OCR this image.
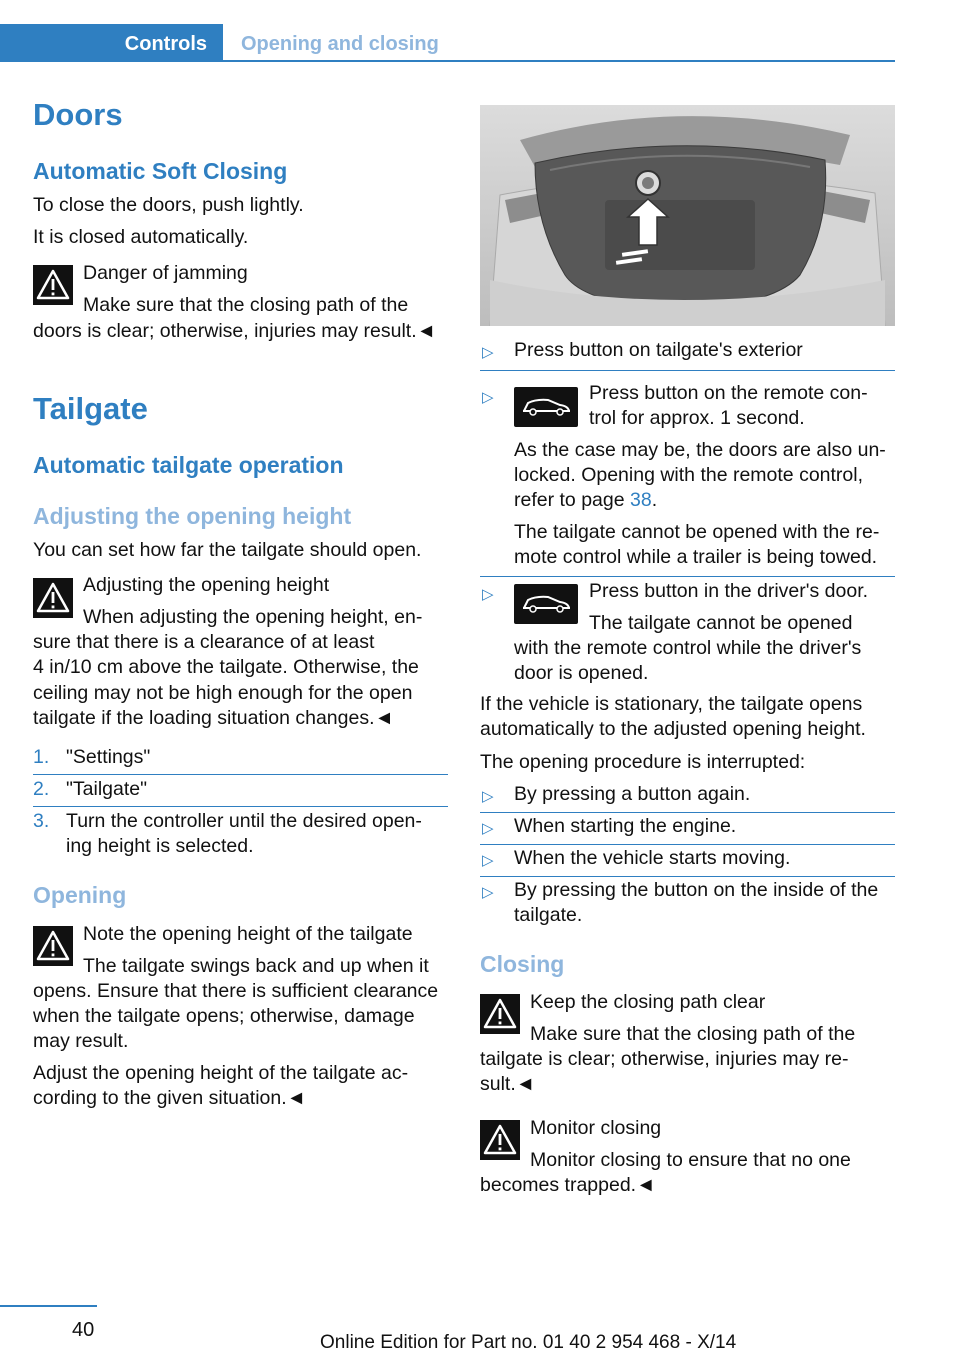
Controls	Opening and closing
Doors
Automatic Soft Closing
To close the doors, push lightly.
It is closed automatically.
Danger of jamming
Make sure that the closing path of the
doors is clear; otherwise, injuries may result.◄
Tailgate
Automatic tailgate operation
Adjusting the opening height
You can set how far the tailgate should open.
Adjusting the opening height
When adjusting the opening height, en‐
sure that there is a clearance of at least
4 in/10 cm above the tailgate. Otherwise, the
ceiling may not be high enough for the open
tailgate if the loading situation changes.◄
1. "Settings"
2. "Tailgate"
3. Turn the controller until the desired open‐
ing height is selected.
Opening
Note the opening height of the tailgate
The tailgate swings back and up when it
opens. Ensure that there is sufficient clearance
when the tailgate opens; otherwise, damage
may result.
Adjust the opening height of the tailgate ac‐
cording to the given situation.◄
▷ Press button on tailgate's exterior
▷	Press button on the remote con‐
trol for approx. 1 second.
As the case may be, the doors are also un‐
locked. Opening with the remote control,
refer to page 38.
The tailgate cannot be opened with the re‐
mote control while a trailer is being towed.
▷	Press button in the driver's door.
The tailgate cannot be opened
with the remote control while the driver's
door is opened.
If the vehicle is stationary, the tailgate opens
automatically to the adjusted opening height.
The opening procedure is interrupted:
▷ By pressing a button again.
▷ When starting the engine.
▷ When the vehicle starts moving.
▷ By pressing the button on the inside of the
tailgate.
Closing
Keep the closing path clear
Make sure that the closing path of the
tailgate is clear; otherwise, injuries may re‐
sult.◄
Monitor closing
Monitor closing to ensure that no one
becomes trapped.◄
40
Online Edition for Part no. 01 40 2 954 468 - X/14
